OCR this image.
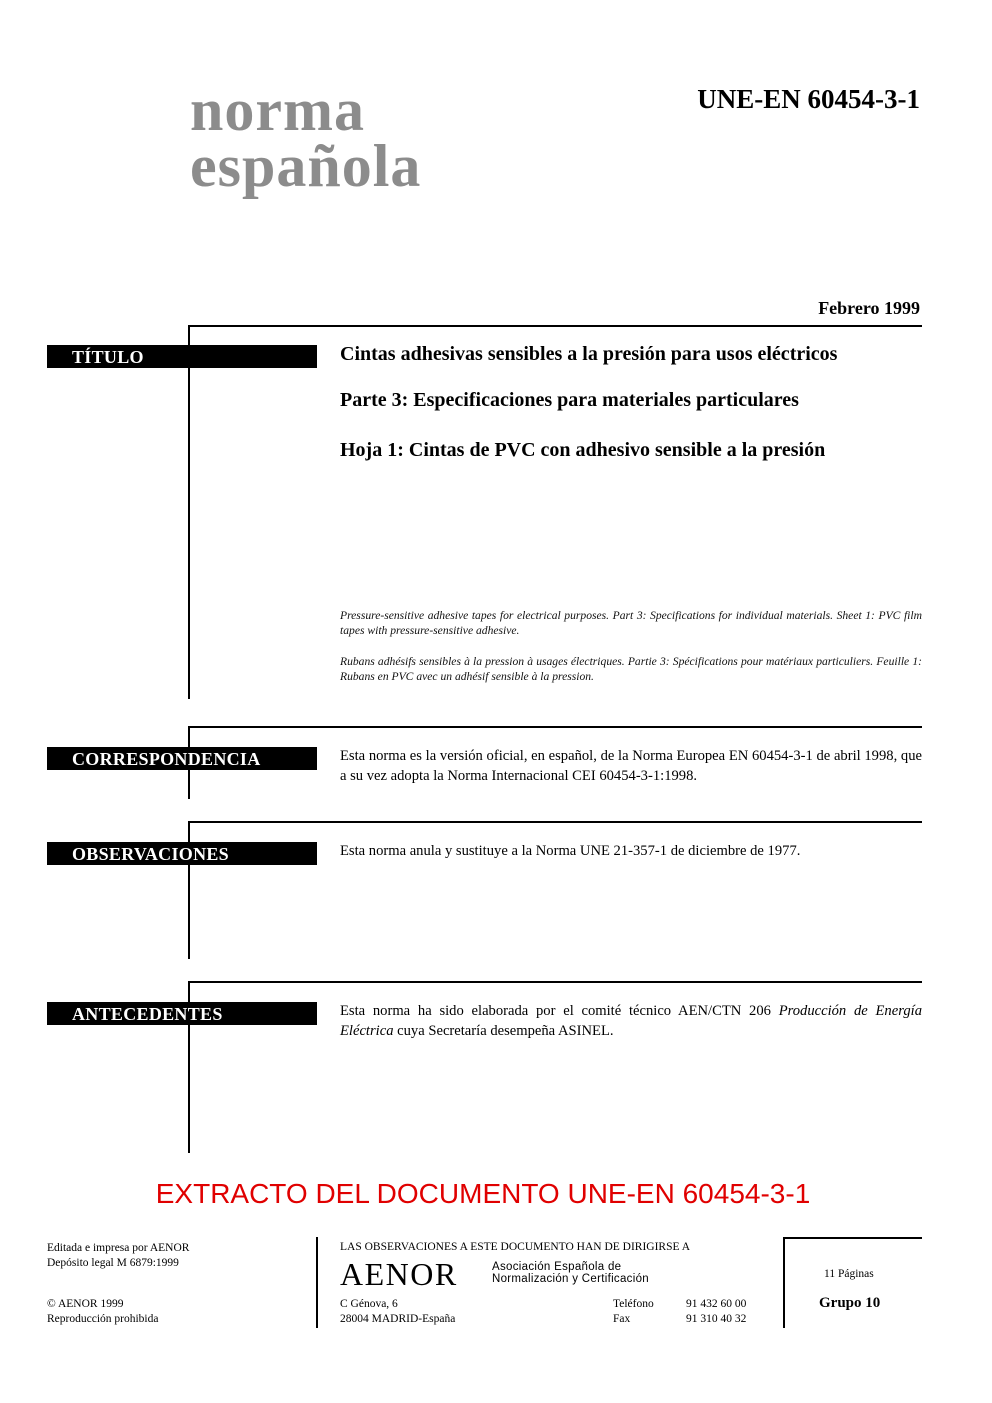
norma
española
UNE-EN 60454-3-1
Febrero 1999
TÍTULO	Cintas adhesivas sensibles a la presión para usos eléctricos
Parte 3: Especificaciones para materiales particulares
Hoja 1: Cintas de PVC con adhesivo sensible a la presión
Pressure-sensitive adhesive tapes for electrical purposes. Part 3: Specifications for individual materials. Sheet 1: PVC film tapes with pressure-sensitive adhesive.
Rubans adhésifs sensibles à la pression à usages électriques. Partie 3: Spécifications pour matériaux particuliers. Feuille 1: Rubans en PVC avec un adhésif sensible à la pression.
CORRESPONDENCIA	Esta norma es la versión oficial, en español, de la Norma Europea EN 60454-3-1 de abril 1998, que a su vez adopta la Norma Internacional CEI 60454-3-1:1998.
OBSERVACIONES	Esta norma anula y sustituye a la Norma UNE 21-357-1 de diciembre de 1977.
ANTECEDENTES	Esta norma ha sido elaborada por el comité técnico AEN/CTN 206 Producción de Energía Eléctrica cuya Secretaría desempeña ASINEL.
EXTRACTO DEL DOCUMENTO UNE-EN 60454-3-1
Editada e impresa por AENOR
Depósito legal M 6879:1999
© AENOR 1999
Reproducción prohibida
LAS OBSERVACIONES A ESTE DOCUMENTO HAN DE DIRIGIRSE A
AENOR	Asociación Española de
Normalización y Certificación
C Génova, 6
28004 MADRID-España
Teléfono	91 432 60 00
Fax	91 310 40 32
11 Páginas
Grupo 10
